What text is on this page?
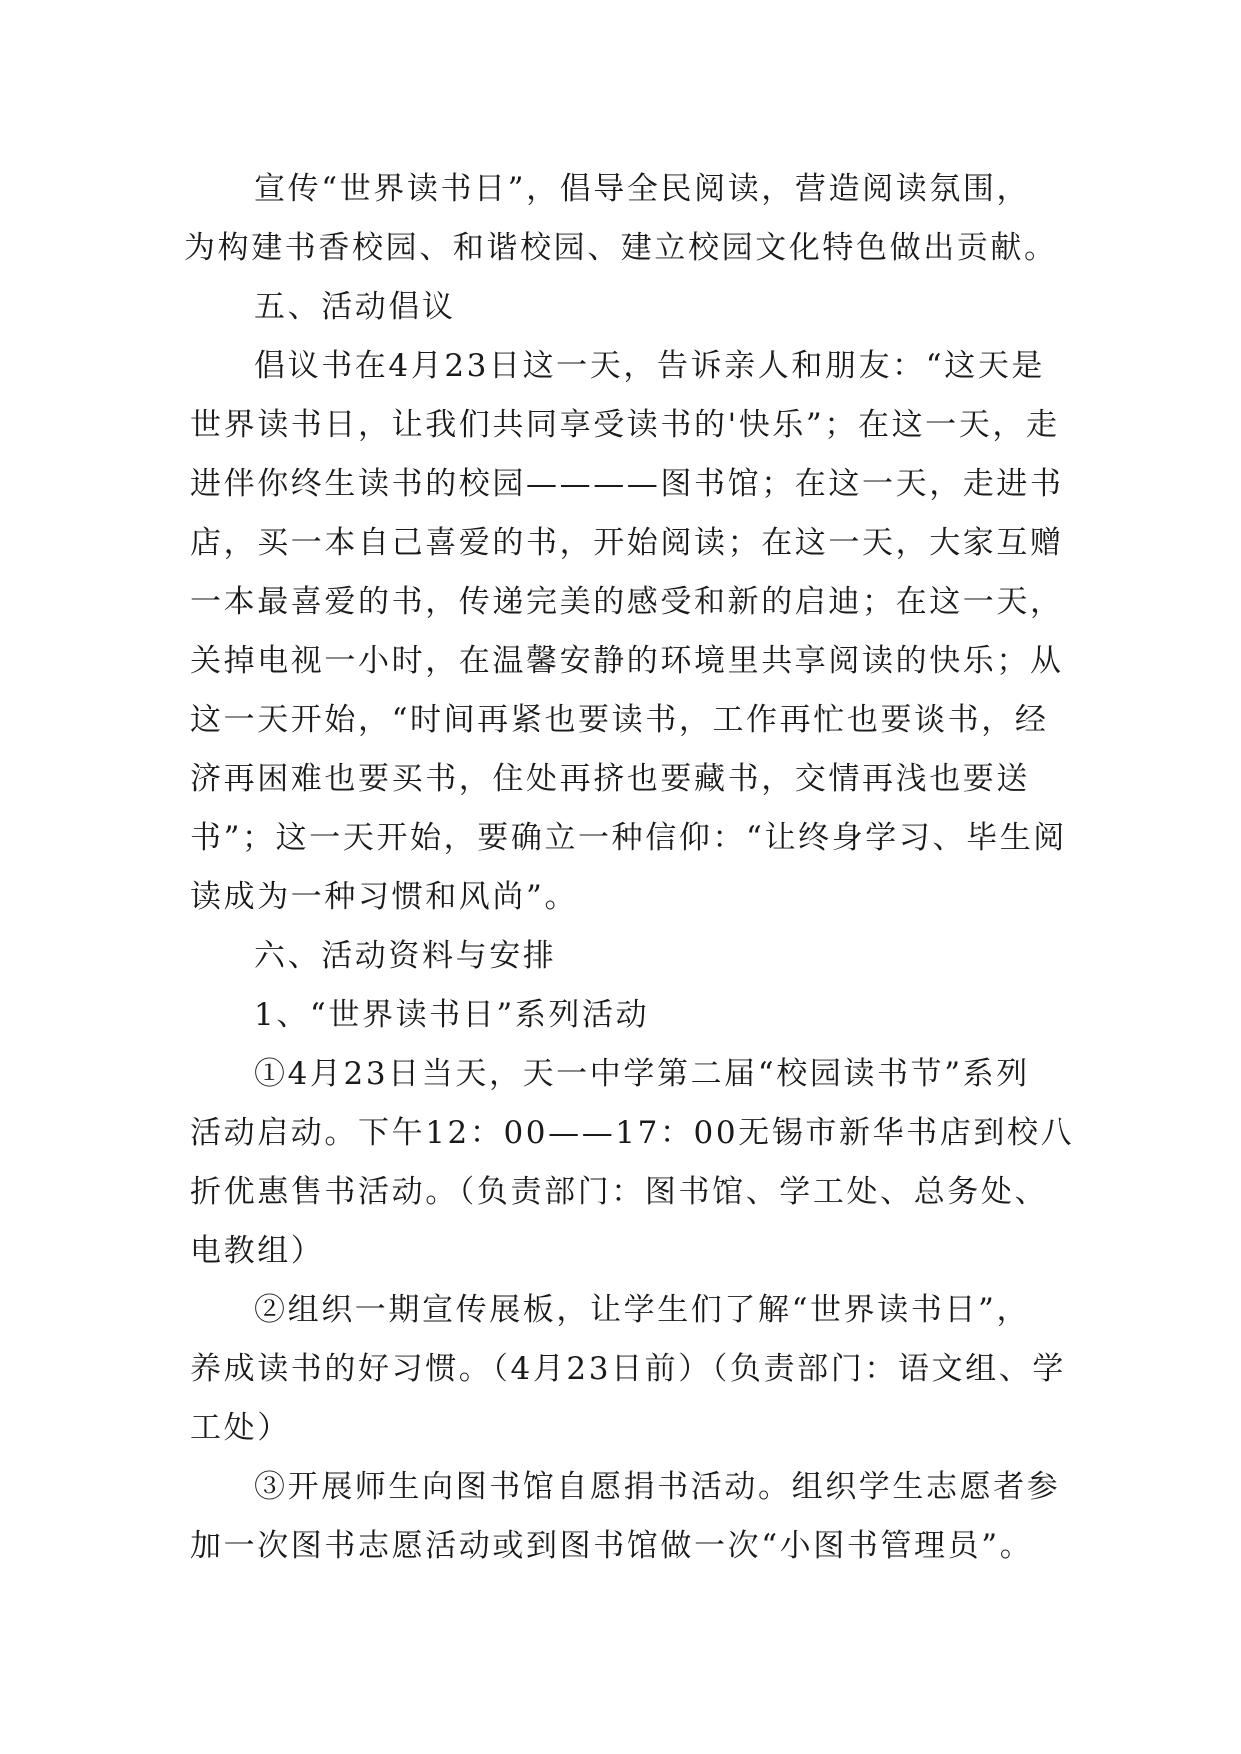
宣传“世界读书日”，倡导全民阅读，营造阅读氛围，
为构建书香校园、和谐校园、建立校园文化特色做出贡献。

五、活动倡议

倡议书在4月23日这一天，告诉亲人和朋友：“这天是
世界读书日，让我们共同享受读书的'快乐”；在这一天，走
进伴你终生读书的校园————图书馆；在这一天，走进书
店，买一本自己喜爱的书，开始阅读；在这一天，大家互赠
一本最喜爱的书，传递完美的感受和新的启迪；在这一天，
关掉电视一小时，在温馨安静的环境里共享阅读的快乐；从
这一天开始，“时间再紧也要读书，工作再忙也要谈书，经
济再困难也要买书，住处再挤也要藏书，交情再浅也要送
书”；这一天开始，要确立一种信仰：“让终身学习、毕生阅
读成为一种习惯和风尚”。

六、活动资料与安排

1、“世界读书日”系列活动

①4月23日当天，天一中学第二届“校园读书节”系列
活动启动。下午12：00——17：00无锡市新华书店到校八
折优惠售书活动。（负责部门：图书馆、学工处、总务处、
电教组）

②组织一期宣传展板，让学生们了解“世界读书日”，
养成读书的好习惯。（4月23日前）（负责部门：语文组、学
工处）

③开展师生向图书馆自愿捐书活动。组织学生志愿者参
加一次图书志愿活动或到图书馆做一次“小图书管理员”。
